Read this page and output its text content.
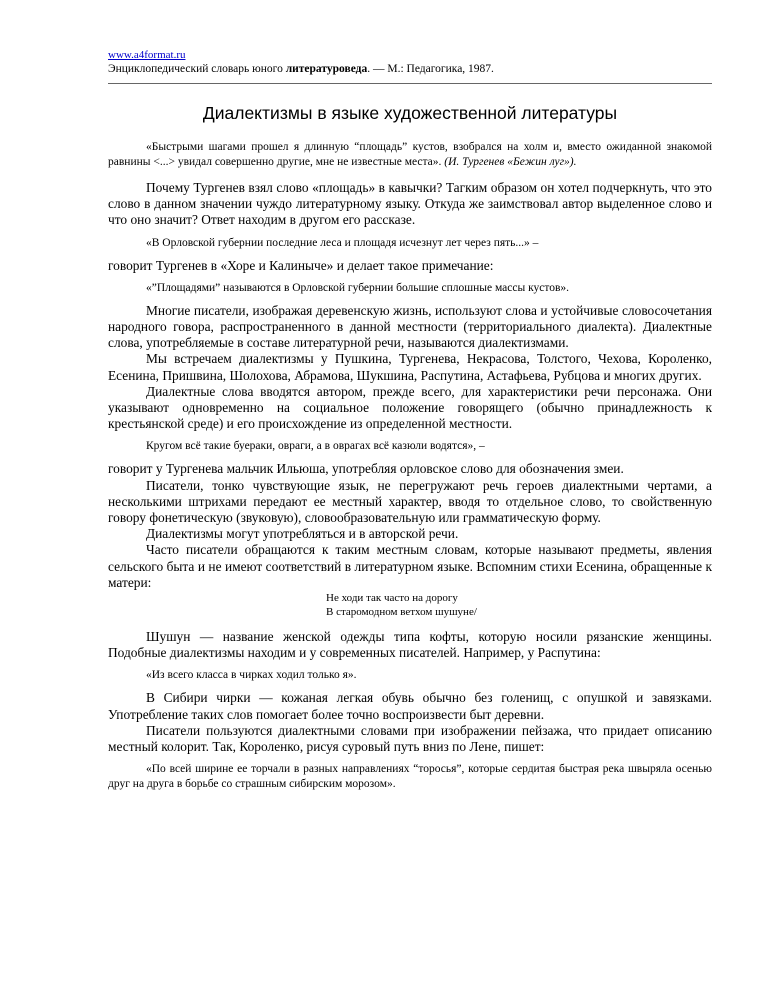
www.a4format.ru
Энциклопедический словарь юного литературоведа. — М.: Педагогика, 1987.
Диалектизмы в языке художественной литературы
«Быстрыми шагами прошел я длинную “площадь” кустов, взобрался на холм и, вместо ожиданной знакомой равнины <...> увидал совершенно другие, мне не известные места». (И. Тургенев «Бежин луг»).
Почему Тургенев взял слово «площадь» в кавычки? Тагким образом он хотел подчеркнуть, что это слово в данном значении чуждо литературному языку. Откуда же заимствовал автор выделенное слово и что оно значит? Ответ находим в другом его рассказе.
«В Орловской губернии последние леса и площадя исчезнут лет через пять...» –
говорит Тургенев в «Хоре и Калиныче» и делает такое примечание:
«”Площадями” называются в Орловской губернии большие сплошные массы кустов».
Многие писатели, изображая деревенскую жизнь, используют слова и устойчивые словосочетания народного говора, распространенного в данной местности (территориального диалекта). Диалектные слова, употребляемые в составе литературной речи, называются диалектизмами.
Мы встречаем диалектизмы у Пушкина, Тургенева, Некрасова, Толстого, Чехова, Короленко, Есенина, Пришвина, Шолохова, Абрамова, Шукшина, Распутина, Астафьева, Рубцова и многих других.
Диалектные слова вводятся автором, прежде всего, для характеристики речи персонажа. Они указывают одновременно на социальное положение говорящего (обычно принадлежность к крестьянской среде) и его происхождение из определенной местности.
Кругом всё такие буераки, овраги, а в оврагах всё казюли водятся», –
говорит у Тургенева мальчик Ильюша, употребляя орловское слово для обозначения змеи.
Писатели, тонко чувствующие язык, не перегружают речь героев диалектными чертами, а несколькими штрихами передают ее местный характер, вводя то отдельное слово, то свойственную говору фонетическую (звуковую), словообразовательную или грамматическую форму.
Диалектизмы могут употребляться и в авторской речи.
Часто писатели обращаются к таким местным словам, которые называют предметы, явления сельского быта и не имеют соответствий в литературном языке. Вспомним стихи Есенина, обращенные к матери:
Не ходи так часто на дорогу
В старомодном ветхом шушуне/
Шушун — название женской одежды типа кофты, которую носили рязанские женщины. Подобные диалектизмы находим и у современных писателей. Например, у Распутина:
«Из всего класса в чирках ходил только я».
В Сибири чирки — кожаная легкая обувь обычно без голенищ, с опушкой и завязками. Употребление таких слов помогает более точно воспроизвести быт деревни.
Писатели пользуются диалектными словами при изображении пейзажа, что придает описанию местный колорит. Так, Короленко, рисуя суровый путь вниз по Лене, пишет:
«По всей ширине ее торчали в разных направлениях “торосья”, которые сердитая быстрая река швыряла осенью друг на друга в борьбе со страшным сибирским морозом».
